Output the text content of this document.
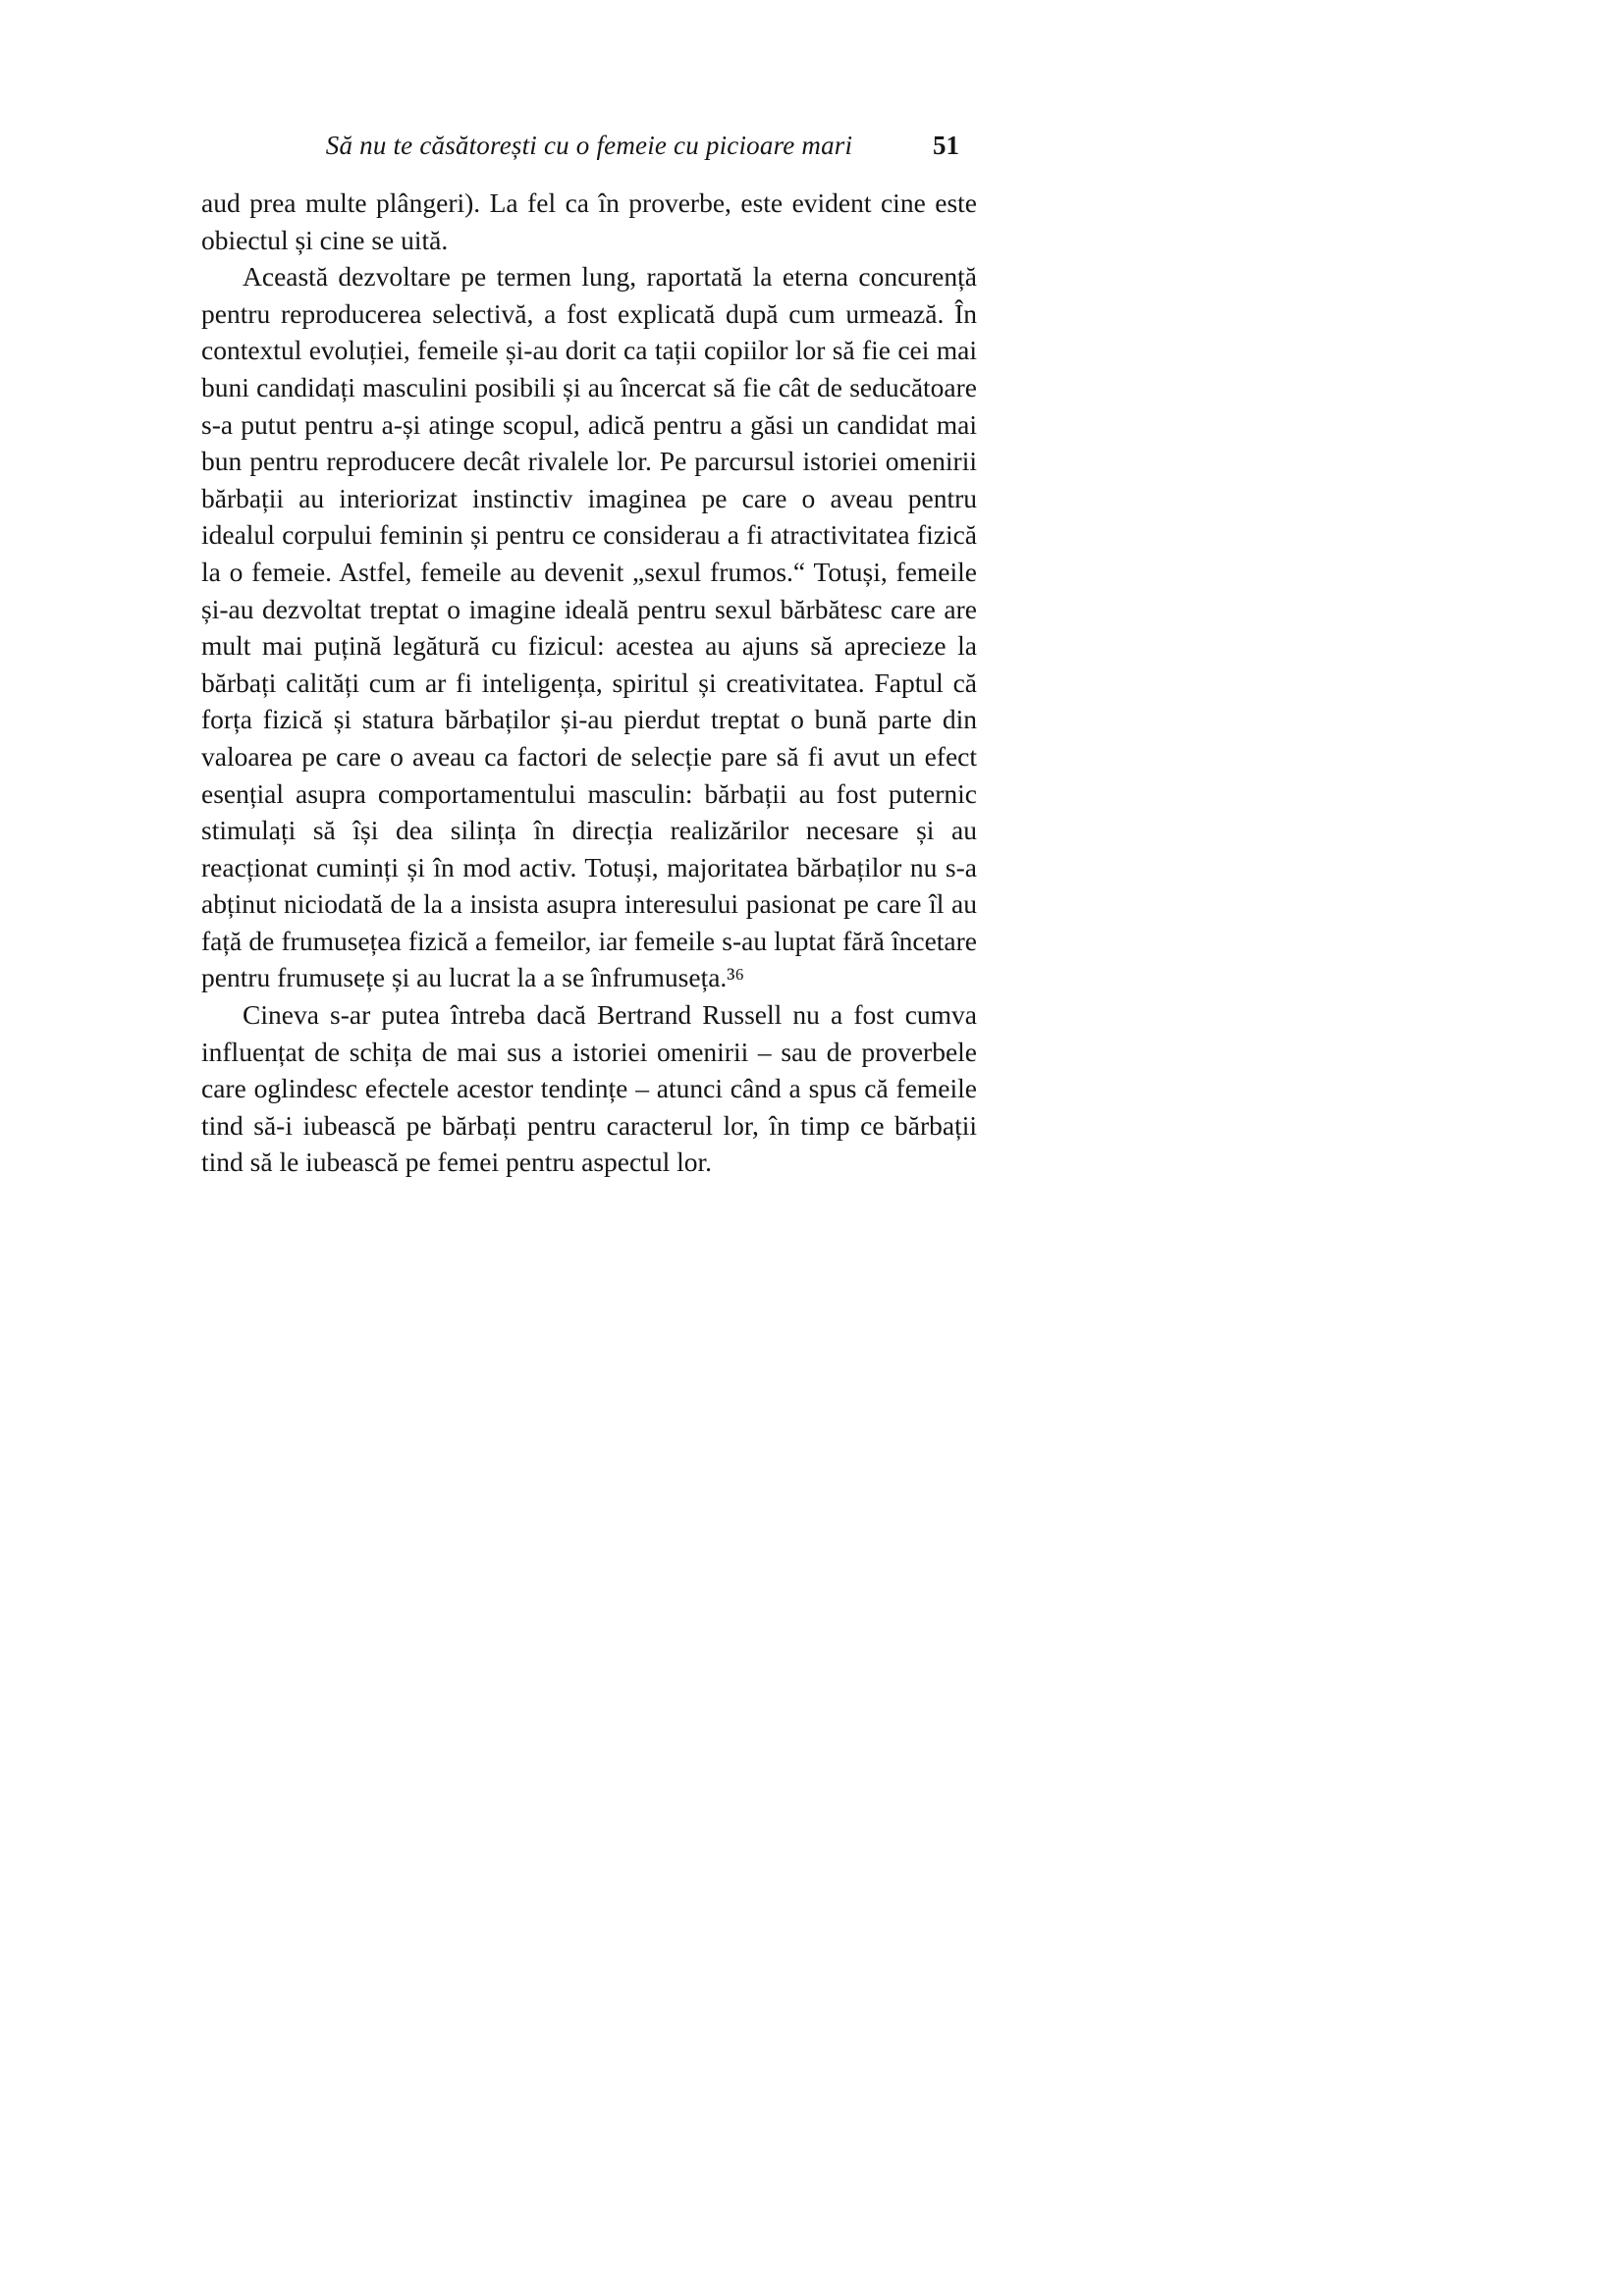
Să nu te căsătorești cu o femeie cu picioare mari	51

aud prea multe plângeri). La fel ca în proverbe, este evident cine este obiectul și cine se uită.

Această dezvoltare pe termen lung, raportată la eterna concurență pentru reproducerea selectivă, a fost explicată după cum urmează. În contextul evoluției, femeile și-au dorit ca tații copiilor lor să fie cei mai buni candidați masculini posibili și au încercat să fie cât de seducătoare s-a putut pentru a-și atinge scopul, adică pentru a găsi un candidat mai bun pentru reproducere decât rivalele lor. Pe parcursul istoriei omenirii bărbații au interiorizat instinctiv imaginea pe care o aveau pentru idealul corpului feminin și pentru ce considerau a fi atractivitatea fizică la o femeie. Astfel, femeile au devenit „sexul frumos.“ Totuși, femeile și-au dezvoltat treptat o imagine ideală pentru sexul bărbătesc care are mult mai puțină legătură cu fizicul: acestea au ajuns să aprecieze la bărbați calități cum ar fi inteligența, spiritul și creativitatea. Faptul că forța fizică și statura bărbaților și-au pierdut treptat o bună parte din valoarea pe care o aveau ca factori de selecție pare să fi avut un efect esențial asupra comportamentului masculin: bărbații au fost puternic stimulați să își dea silința în direcția realizărilor necesare și au reacționat cuminți și în mod activ. Totuși, majoritatea bărbaților nu s-a abținut niciodată de la a insista asupra interesului pasionat pe care îl au față de frumusețea fizică a femeilor, iar femeile s-au luptat fără încetare pentru frumusețe și au lucrat la a se înfrumuseța.³⁶

Cineva s-ar putea întreba dacă Bertrand Russell nu a fost cumva influențat de schița de mai sus a istoriei omenirii – sau de proverbele care oglindesc efectele acestor tendințe – atunci când a spus că femeile tind să-i iubească pe bărbați pentru caracterul lor, în timp ce bărbații tind să le iubească pe femei pentru aspectul lor.
